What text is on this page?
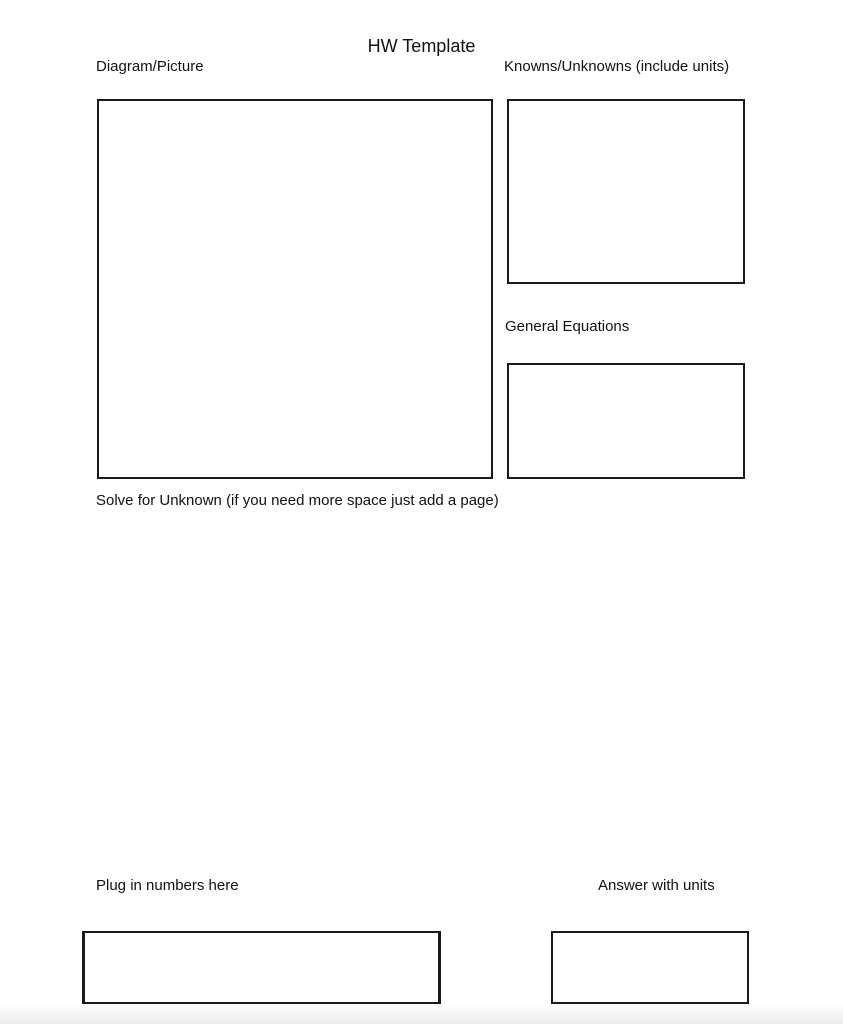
HW Template
Diagram/Picture	Knowns/Unknowns (include units)
General Equations
Solve for Unknown (if you need more space just add a page)
Plug in numbers here	Answer with units
